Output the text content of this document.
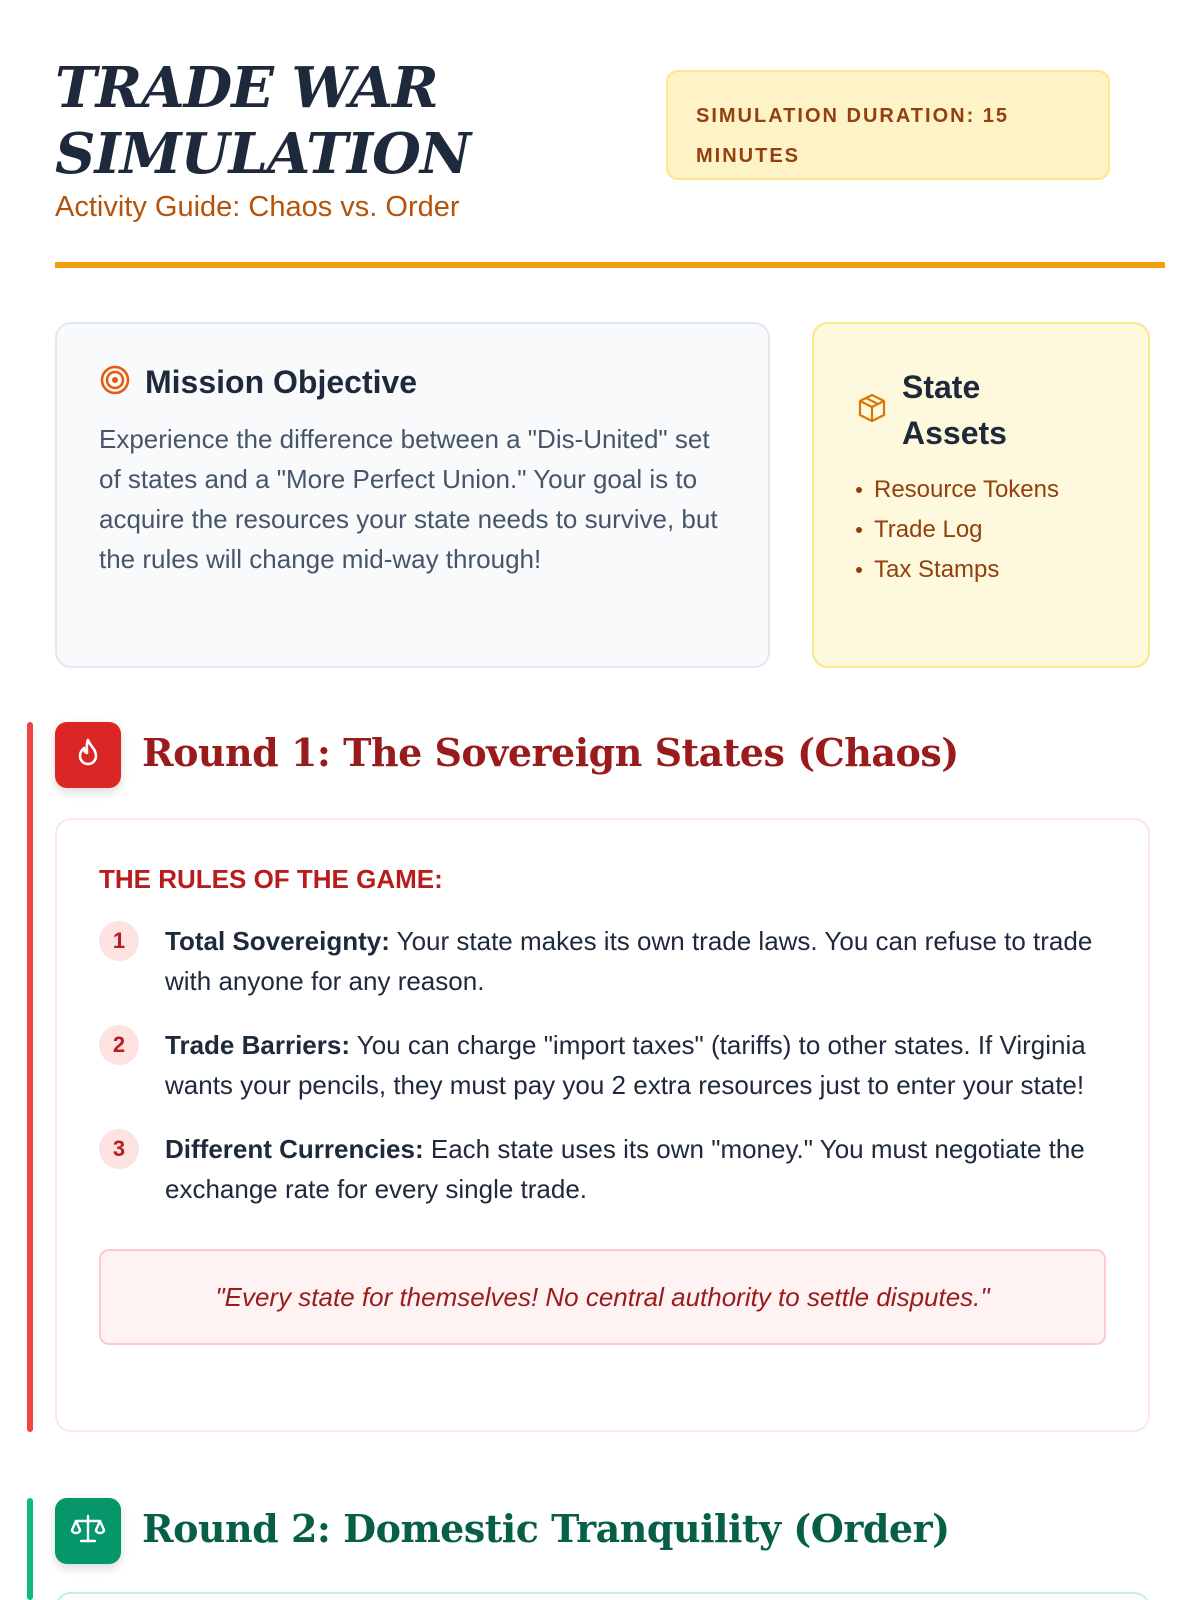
TRADE WAR SIMULATION
Activity Guide: Chaos vs. Order
SIMULATION DURATION: 15 MINUTES
Mission Objective

Experience the difference between a "Dis-United" set of states and a "More Perfect Union." Your goal is to acquire the resources your state needs to survive, but the rules will change mid-way through!

State Assets
Resource Tokens
Trade Log
Tax Stamps
Round 1: The Sovereign States (Chaos)
THE RULES OF THE GAME:
1	Total Sovereignty: Your state makes its own trade laws. You can refuse to trade with anyone for any reason.
2	Trade Barriers: You can charge "import taxes" (tariffs) to other states. If Virginia wants your pencils, they must pay you 2 extra resources just to enter your state!
3	Different Currencies: Each state uses its own "money." You must negotiate the exchange rate for every single trade.
"Every state for themselves! No central authority to settle disputes."
Round 2: Domestic Tranquility (Order)
